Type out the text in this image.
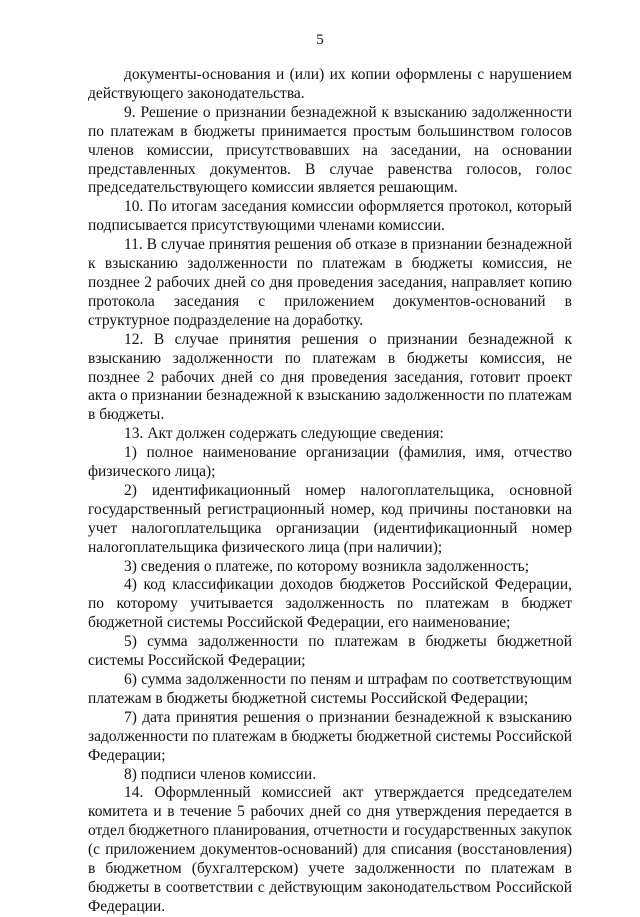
5

документы-основания и (или) их копии оформлены с нарушением действующего законодательства.

9. Решение о признании безнадежной к взысканию задолженности по платежам в бюджеты принимается простым большинством голосов членов комиссии, присутствовавших на заседании, на основании представленных документов. В случае равенства голосов, голос председательствующего комиссии является решающим.

10. По итогам заседания комиссии оформляется протокол, который подписывается присутствующими членами комиссии.

11. В случае принятия решения об отказе в признании безнадежной к взысканию задолженности по платежам в бюджеты комиссия, не позднее 2 рабочих дней со дня проведения заседания, направляет копию протокола заседания с приложением документов-оснований в структурное подразделение на доработку.

12. В случае принятия решения о признании безнадежной к взысканию задолженности по платежам в бюджеты комиссия, не позднее 2 рабочих дней со дня проведения заседания, готовит проект акта о признании безнадежной к взысканию задолженности по платежам в бюджеты.

13. Акт должен содержать следующие сведения:

1) полное наименование организации (фамилия, имя, отчество физического лица);

2) идентификационный номер налогоплательщика, основной государственный регистрационный номер, код причины постановки на учет налогоплательщика организации (идентификационный номер налогоплательщика физического лица (при наличии);

3) сведения о платеже, по которому возникла задолженность;

4) код классификации доходов бюджетов Российской Федерации, по которому учитывается задолженность по платежам в бюджет бюджетной системы Российской Федерации, его наименование;

5) сумма задолженности по платежам в бюджеты бюджетной системы Российской Федерации;

6) сумма задолженности по пеням и штрафам по соответствующим платежам в бюджеты бюджетной системы Российской Федерации;

7) дата принятия решения о признании безнадежной к взысканию задолженности по платежам в бюджеты бюджетной системы Российской Федерации;

8) подписи членов комиссии.

14. Оформленный комиссией акт утверждается председателем комитета и в течение 5 рабочих дней со дня утверждения передается в отдел бюджетного планирования, отчетности и государственных закупок (с приложением документов-оснований) для списания (восстановления) в бюджетном (бухгалтерском) учете задолженности по платежам в бюджеты в соответствии с действующим законодательством Российской Федерации.
